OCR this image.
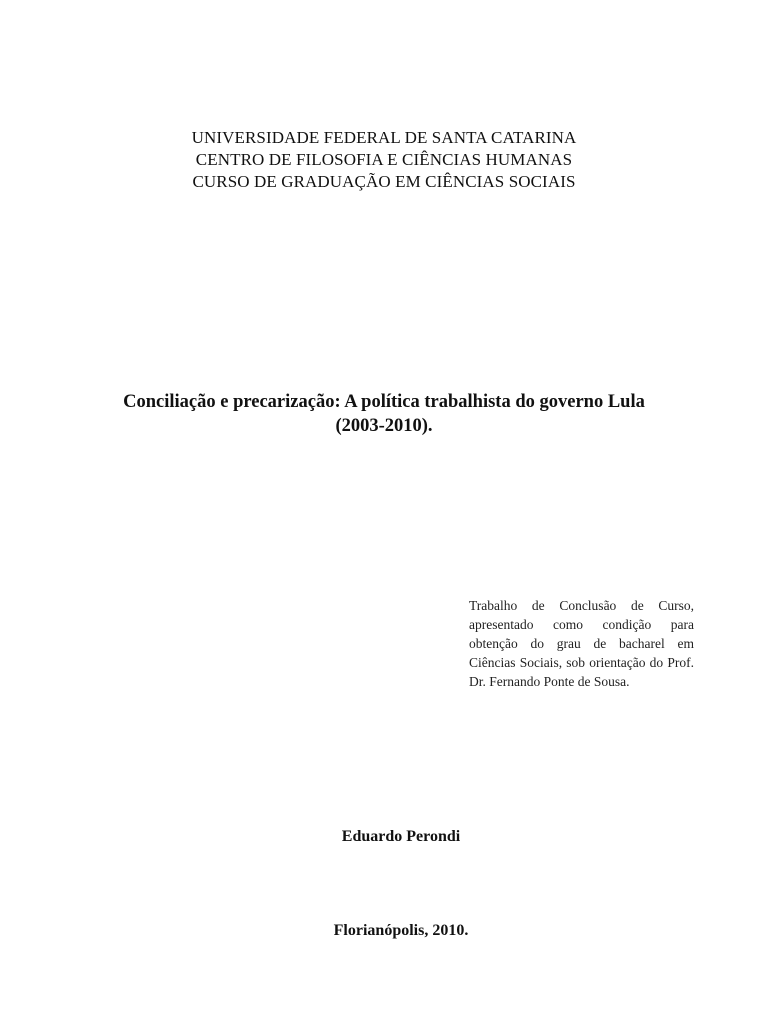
UNIVERSIDADE FEDERAL DE SANTA CATARINA
CENTRO DE FILOSOFIA E CIÊNCIAS HUMANAS
CURSO DE GRADUAÇÃO EM CIÊNCIAS SOCIAIS
Conciliação e precarização: A política trabalhista do governo Lula
(2003-2010).
Trabalho de Conclusão de Curso, apresentado como condição para obtenção do grau de bacharel em Ciências Sociais, sob orientação do Prof. Dr. Fernando Ponte de Sousa.
Eduardo Perondi
Florianópolis, 2010.
